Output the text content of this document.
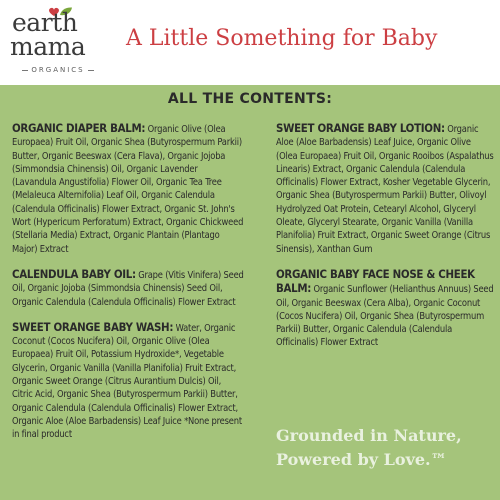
earth
mama
ORGANICS
A Little Something for Baby
ALL THE CONTENTS:
ORGANIC DIAPER BALM: Organic Olive (Olea Europaea) Fruit Oil, Organic Shea (Butyrospermum Parkii) Butter, Organic Beeswax (Cera Flava), Organic Jojoba (Simmondsia Chinensis) Oil, Organic Lavender (Lavandula Angustifolia) Flower Oil, Organic Tea Tree (Melaleuca Alternifolia) Leaf Oil, Organic Calendula (Calendula Officinalis) Flower Extract, Organic St. John's Wort (Hypericum Perforatum) Extract, Organic Chickweed (Stellaria Media) Extract, Organic Plantain (Plantago Major) Extract
CALENDULA BABY OIL: Grape (Vitis Vinifera) Seed Oil, Organic Jojoba (Simmondsia Chinensis) Seed Oil, Organic Calendula (Calendula Officinalis) Flower Extract
SWEET ORANGE BABY WASH: Water, Organic Coconut (Cocos Nucifera) Oil, Organic Olive (Olea Europaea) Fruit Oil, Potassium Hydroxide*, Vegetable Glycerin, Organic Vanilla (Vanilla Planifolia) Fruit Extract, Organic Sweet Orange (Citrus Aurantium Dulcis) Oil, Citric Acid, Organic Shea (Butyrospermum Parkii) Butter, Organic Calendula (Calendula Officinalis) Flower Extract, Organic Aloe (Aloe Barbadensis) Leaf Juice *None present in final product
SWEET ORANGE BABY LOTION: Organic Aloe (Aloe Barbadensis) Leaf Juice, Organic Olive (Olea Europaea) Fruit Oil, Organic Rooibos (Aspalathus Linearis) Extract, Organic Calendula (Calendula Officinalis) Flower Extract, Kosher Vegetable Glycerin, Organic Shea (Butyrospermum Parkii) Butter, Olivoyl Hydrolyzed Oat Protein, Cetearyl Alcohol, Glyceryl Oleate, Glyceryl Stearate, Organic Vanilla (Vanilla Planifolia) Fruit Extract, Organic Sweet Orange (Citrus Sinensis), Xanthan Gum
ORGANIC BABY FACE NOSE & CHEEK BALM: Organic Sunflower (Helianthus Annuus) Seed Oil, Organic Beeswax (Cera Alba), Organic Coconut (Cocos Nucifera) Oil, Organic Shea (Butyrospermum Parkii) Butter, Organic Calendula (Calendula Officinalis) Flower Extract
Grounded in Nature,
Powered by Love.™
